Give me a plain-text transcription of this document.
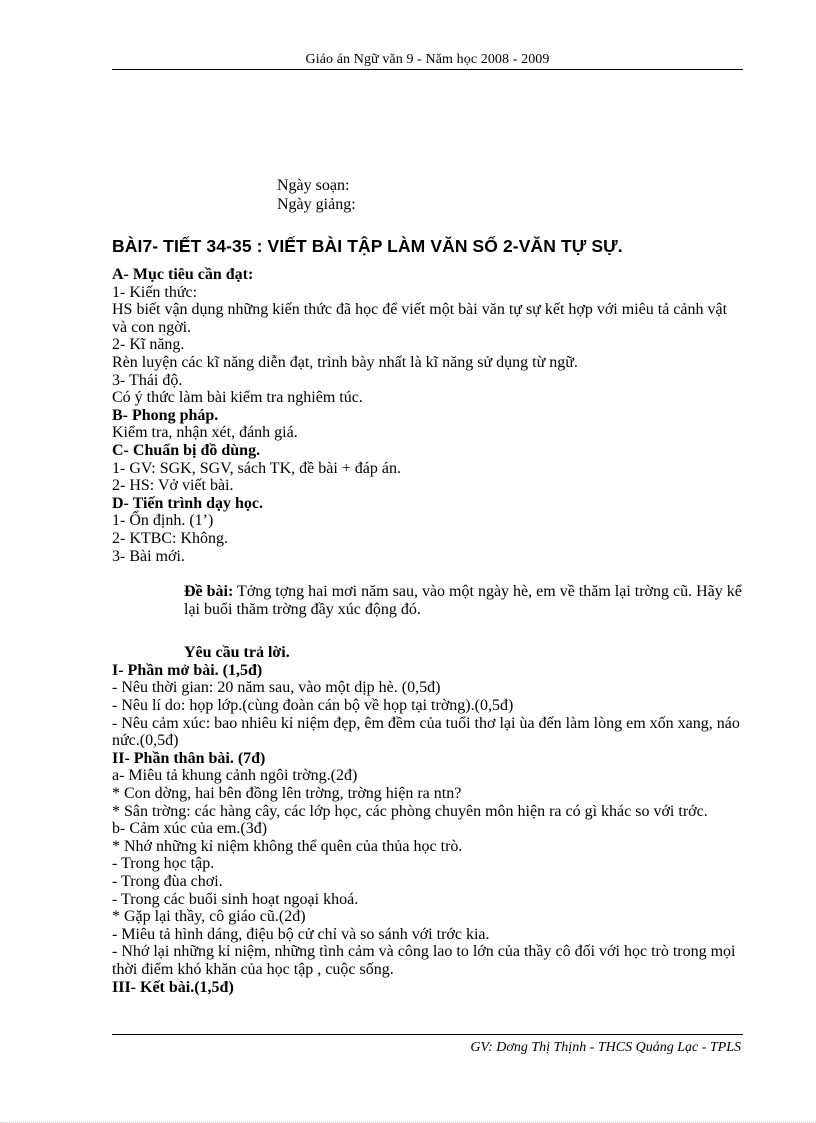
Giáo án Ngữ văn 9 - Năm học 2008 - 2009
Ngày soạn:
Ngày giảng:
BÀI7- TIẾT 34-35 : VIẾT BÀI TẬP LÀM VĂN SỐ 2-VĂN TỰ SỰ.

A- Mục tiêu cần đạt:

1- Kiến thức:

HS biết vận dụng những kiến thức đã học để viết một bài văn tự sự kết hợp với miêu tả cảnh vật và con ngời.

2- Kĩ năng.

Rèn luyện các kĩ năng diễn đạt, trình bày nhất là kĩ năng sử dụng từ ngữ.

3- Thái độ.

Có ý thức làm bài kiểm tra nghiêm túc.

B- Phong pháp.

Kiểm tra, nhận xét, đánh giá.

C- Chuẩn bị đồ dùng.

1- GV: SGK, SGV, sách TK, đề bài + đáp án.

2- HS: Vở viết bài.

D- Tiến trình dạy học.

1- Ổn định. (1’)

2- KTBC: Không.

3- Bài mới.

Đề bài: Tởng tợng hai mơi năm sau, vào một ngày hè, em về thăm lại trờng cũ. Hãy kể lại buổi thăm trờng đầy xúc động đó.

Yêu cầu trả lời.

I- Phần mở bài. (1,5đ)

- Nêu thời gian: 20 năm sau, vào một dịp hè. (0,5đ)

- Nêu lí do: họp lớp.(cùng đoàn cán bộ về họp tại trờng).(0,5đ)

- Nêu cảm xúc: bao nhiêu kỉ niệm đẹp, êm đềm của tuổi thơ lại ùa đến làm lòng em xốn xang, náo nức.(0,5đ)

II- Phần thân bài. (7đ)

a- Miêu tả khung cảnh ngôi trờng.(2đ)

* Con dờng, hai bên đồng lên trờng, trờng hiện ra ntn?

* Sân trờng: các hàng cây, các lớp học, các phòng chuyên môn hiện ra có gì khác so với trớc.

b- Cảm xúc của em.(3đ)

* Nhớ những kỉ niệm không thể quên của thủa học trò.

- Trong học tập.

- Trong đùa chơi.

- Trong các buổi sinh hoạt ngoại khoá.

* Gặp lại thầy, cô giáo cũ.(2đ)

- Miêu tả hình dáng, điệu bộ cử chỉ và so sánh với trớc kia.

- Nhớ lại những kỉ niệm, những tình cảm và công lao to lớn của thầy cô đối với học trò trong mọi thời điểm khó khăn của học tập , cuộc sống.

III- Kết bài.(1,5đ)

GV: Dơng Thị Thịnh - THCS Quảng Lạc - TPLS
